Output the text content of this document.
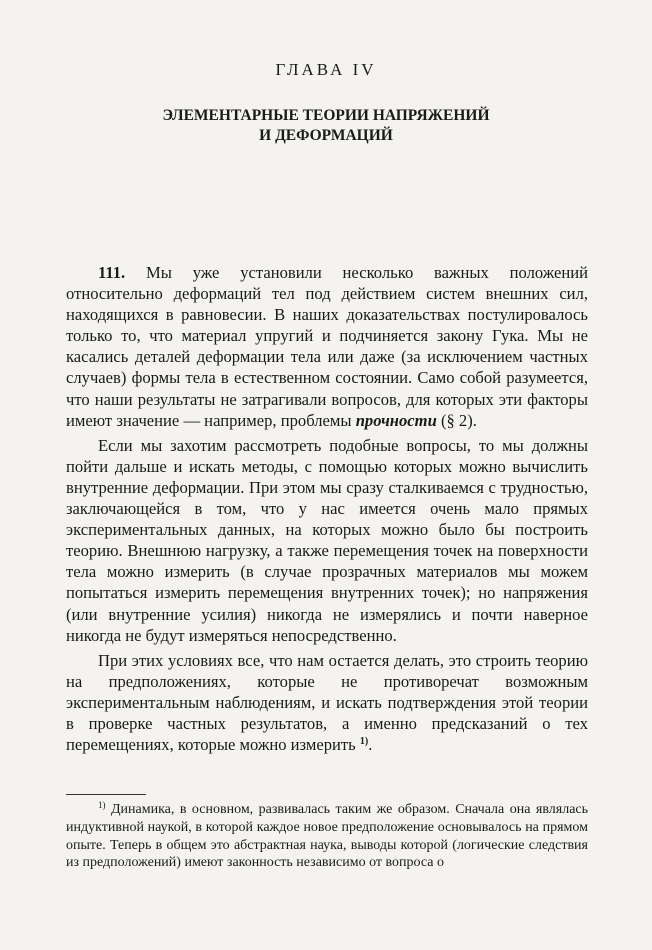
ГЛАВА IV
ЭЛЕМЕНТАРНЫЕ ТЕОРИИ НАПРЯЖЕНИЙ
И ДЕФОРМАЦИЙ

111. Мы уже установили несколько важных положений относительно деформаций тел под действием систем внешних сил, находящихся в равновесии. В наших доказательствах постулировалось только то, что материал упругий и подчиняется закону Гука. Мы не касались деталей деформации тела или даже (за исключением частных случаев) формы тела в естественном состоянии. Само собой разумеется, что наши результаты не затрагивали вопросов, для которых эти факторы имеют значение — например, проблемы прочности (§ 2).

Если мы захотим рассмотреть подобные вопросы, то мы должны пойти дальше и искать методы, с помощью которых можно вычислить внутренние деформации. При этом мы сразу сталкиваемся с трудностью, заключающейся в том, что у нас имеется очень мало прямых экспериментальных данных, на которых можно было бы построить теорию. Внешнюю нагрузку, а также перемещения точек на поверхности тела можно измерить (в случае прозрачных материалов мы можем попытаться измерить перемещения внутренних точек); но напряжения (или внутренние усилия) никогда не измерялись и почти наверное никогда не будут измеряться непосредственно.

При этих условиях все, что нам остается делать, это строить теорию на предположениях, которые не противоречат возможным экспериментальным наблюдениям, и искать подтверждения этой теории в проверке частных результатов, а именно предсказаний о тех перемещениях, которые можно измерить $^{1)}$.

$^{1)}$ Динамика, в основном, развивалась таким же образом. Сначала она являлась индуктивной наукой, в которой каждое новое предположение основывалось на прямом опыте. Теперь в общем это абстрактная наука, выводы которой (логические следствия из предположений) имеют законность независимо от вопроса о
